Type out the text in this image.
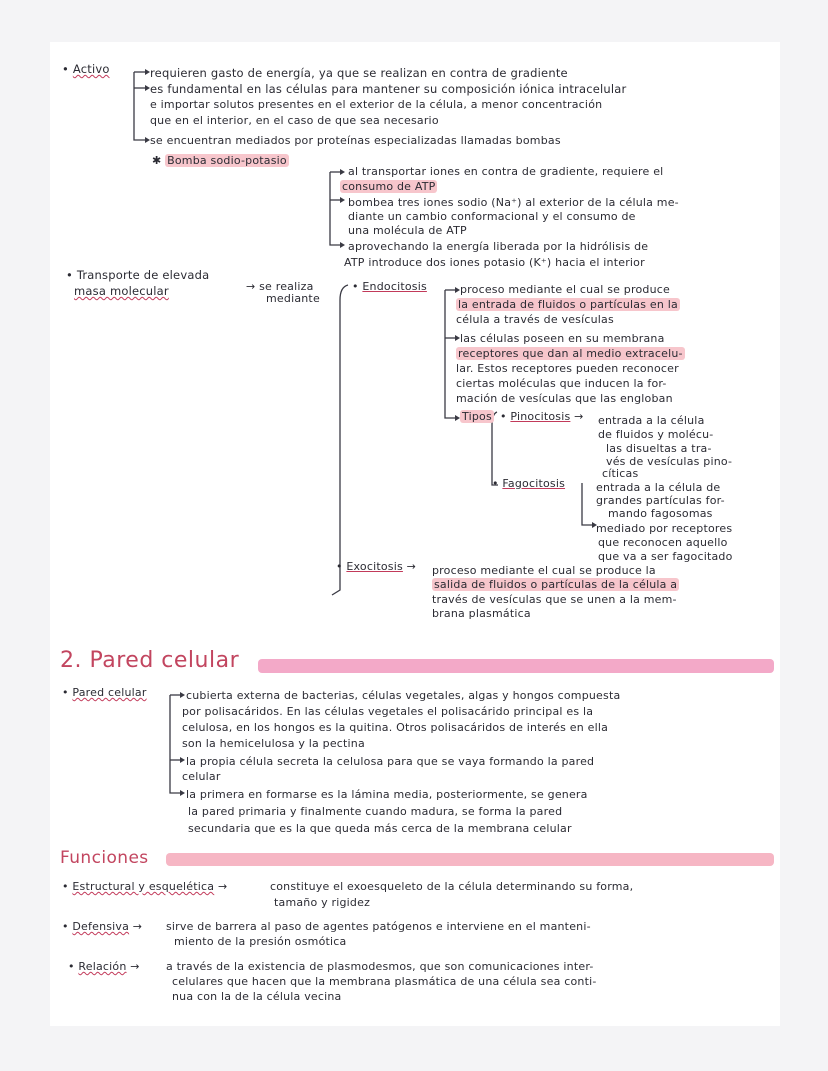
• Activo	requieren gasto de energía, ya que se realizan en contra de gradiente
es fundamental en las células para mantener su composición iónica intracelular
e importar solutos presentes en el exterior de la célula, a menor concentración
que en el interior, en el caso de que sea necesario
se encuentran mediados por proteínas especializadas llamadas bombas
✱ Bomba sodio-potasio
al transportar iones en contra de gradiente, requiere el
consumo de ATP
bombea tres iones sodio (Na⁺) al exterior de la célula me-
diante un cambio conformacional y el consumo de
una molécula de ATP
aprovechando la energía liberada por la hidrólisis de
ATP introduce dos iones potasio (K⁺) hacia el interior
• Transporte de elevada
masa molecular	→ se realiza
mediante
• Endocitosis	proceso mediante el cual se produce
la entrada de fluidos o partículas en la
célula a través de vesículas
las células poseen en su membrana
receptores que dan al medio extracelu-
lar. Estos receptores pueden reconocer
ciertas moléculas que inducen la for-
mación de vesículas que las engloban
Tipos • Pinocitosis → entrada a la célula
de fluidos y molécu-
las disueltas a tra-
vés de vesículas pino-
cíticas
• Fagocitosis	entrada a la célula de
grandes partículas for-
mando fagosomas
mediado por receptores
que reconocen aquello
que va a ser fagocitado
• Exocitosis → proceso mediante el cual se produce la
salida de fluidos o partículas de la célula a
través de vesículas que se unen a la mem-
brana plasmática
2. Pared celular
• Pared celular	cubierta externa de bacterias, células vegetales, algas y hongos compuesta
por polisacáridos. En las células vegetales el polisacárido principal es la
celulosa, en los hongos es la quitina. Otros polisacáridos de interés en ella
son la hemicelulosa y la pectina
la propia célula secreta la celulosa para que se vaya formando la pared
celular
la primera en formarse es la lámina media, posteriormente, se genera
la pared primaria y finalmente cuando madura, se forma la pared
secundaria que es la que queda más cerca de la membrana celular
Funciones
• Estructural y esquelética →	constituye el exoesqueleto de la célula determinando su forma,
tamaño y rigidez
• Defensiva → sirve de barrera al paso de agentes patógenos e interviene en el manteni-
miento de la presión osmótica
• Relación → a través de la existencia de plasmodesmos, que son comunicaciones inter-
celulares que hacen que la membrana plasmática de una célula sea conti-
nua con la de la célula vecina
